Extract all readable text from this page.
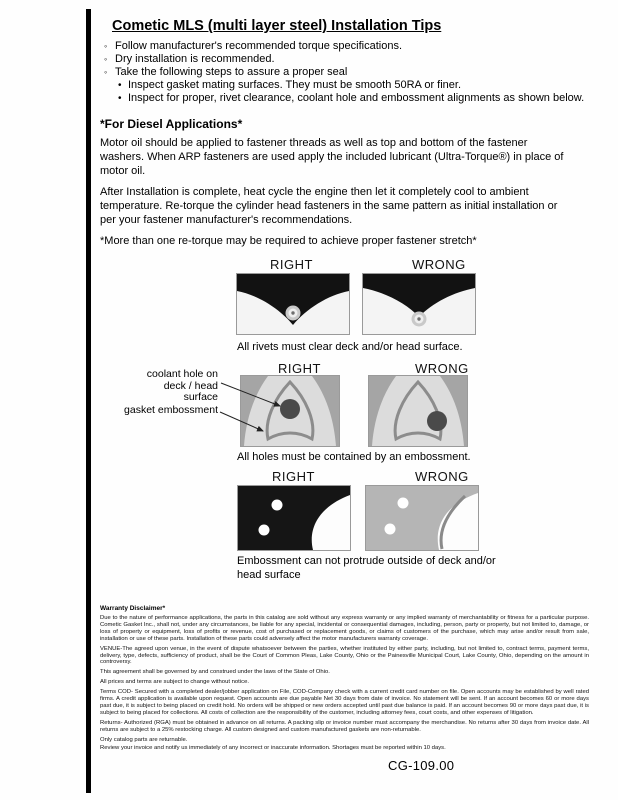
Cometic MLS (multi layer steel) Installation Tips
◦ Follow manufacturer's recommended torque specifications.
◦ Dry installation is recommended.
◦ Take the following steps to assure a proper seal
• Inspect gasket mating surfaces. They must be smooth 50RA or finer.
• Inspect for proper, rivet clearance, coolant hole and embossment alignments as shown below.
*For Diesel Applications*
Motor oil should be applied to fastener threads as well as top and bottom of the fastener washers. When ARP fasteners are used apply the included lubricant (Ultra-Torque®) in place of motor oil.
After Installation is complete, heat cycle the engine then let it completely cool to ambient temperature. Re-torque the cylinder head fasteners in the same pattern as initial installation or per your fastener manufacturer's recommendations.
*More than one re-torque may be required to achieve proper fastener stretch*
RIGHT	WRONG
All rivets must clear deck and/or head surface.
RIGHT	WRONG
coolant hole on deck / head surface
gasket embossment
All holes must be contained by an embossment.
RIGHT	WRONG
Embossment can not protrude outside of deck and/or head surface
Warranty Disclaimer*
Due to the nature of performance applications, the parts in this catalog are sold without any express warranty or any implied warranty of merchantability or fitness for a particular purpose. Cometic Gasket Inc., shall not, under any circumstances, be liable for any special, incidental or consequential damages, including, person, party or property, but not limited to, damage, or loss of property or equipment, loss of profits or revenue, cost of purchased or replacement goods, or claims of customers of the purchase, which may arise and/or result from sale, installation or use of these parts. Installation of these parts could adversely affect the motor manufacturers warranty coverage.
VENUE-The agreed upon venue, in the event of dispute whatsoever between the parties, whether instituted by either party, including, but not limited to, contract terms, payment terms, delivery, type, defects, sufficiency of product, shall be the Court of Common Pleas, Lake County, Ohio or the Painesville Municipal Court, Lake County, Ohio, depending on the amount in controversy.
This agreement shall be governed by and construed under the laws of the State of Ohio.
All prices and terms are subject to change without notice.
Terms COD- Secured with a completed dealer/jobber application on File, COD-Company check with a current credit card number on file. Open accounts may be established by well rated firms. A credit application is available upon request. Open accounts are due payable Net 30 days from date of invoice. No statement will be sent. If an account becomes 60 or more days past due, it is subject to being placed on credit hold. No orders will be shipped or new orders accepted until past due balance is paid. If an account becomes 90 or more days past due, it is subject to being placed for collections. All costs of collection are the responsibility of the customer, including attorney fees, court costs, and other expenses of litigation.
Returns- Authorized (RGA) must be obtained in advance on all returns. A packing slip or invoice number must accompany the merchandise. No returns after 30 days from invoice date. All returns are subject to a 25% restocking charge. All custom designed and custom manufactured gaskets are non-returnable.
Only catalog parts are returnable.
Review your invoice and notify us immediately of any incorrect or inaccurate information. Shortages must be reported within 10 days.
CG-109.00
